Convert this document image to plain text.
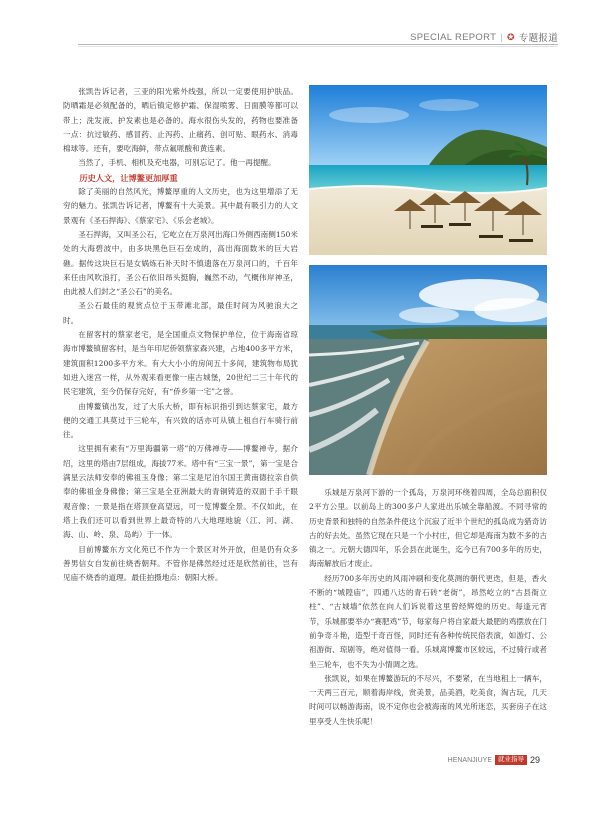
SPECIAL REPORT | ✪ 专题报道

张凯告诉记者，三亚的阳光紫外线强，所以一定要使用护肤品。防晒霜是必须配备的，晒后镇定修护霜、保湿喷雾、日面膜等都可以带上；洗发液、护发素也是必备的。海水很伤头发的，药物也要准备一点：抗过敏药、感冒药、止泻药、止痛药、创可贴、眼药水、消毒棉球等。还有，要吃海鲜，带点氟哌酸和黄连素。

当然了，手机、相机及充电器，可别忘记了。他一再提醒。

历史人文，让博鳌更加厚重

除了美丽的自然风光，博鳌厚重的人文历史，也为这里增添了无穷的魅力。张凯告诉记者，博鳌有十大美景。其中最有吸引力的人文景观有《圣石捍海》、《蔡家宅》、《乐会老城》。

圣石捍海，又叫圣公石，它屹立在万泉河出海口外侧西南侧150米处的大海碧波中，由多块黑色巨石垒成的，高出海面数米的巨大岩礁。据传这块巨石是女娲炼石补天时不慎遗落在万泉河口的，千百年来任由风吹浪打，圣公石依旧昂头挺胸，巍然不动，气概伟岸神圣，由此被人们封之“圣公石”的美名。

圣公石最佳的观赏点位于玉带滩北部，最佳时间为风驰浪大之时。

在留客村的蔡家老宅，是全国重点文物保护单位，位于海南省琼海市博鳌镇留客村，是当年印尼侨领蔡家森兴建，占地400多平方米，建筑面积1200多平方米。有大大小小的房间五十多间，建筑物布局犹如进入迷宫一样，从外观来看更像一座古城堡，20世纪二三十年代的民宅建筑，至今仍保存完好，有“侨乡第一宅”之誉。

由博鳌镇出发，过了大乐大桥，即有标识指引到达蔡家宅，最方便的交通工具莫过于三轮车，有兴致的话亦可从镇上租自行车骑行前往。

这里拥有素有“万里海疆第一塔”的万佛禅寺——博鳌禅寺，据介绍，这里的塔由7层组成，海拔77米。塔中有“三宝一景”，第一宝是合满星云法师安奉的佛祖玉身像；第二宝是尼泊尔国王黄南德拉亲自供奉的佛祖金身佛像；第三宝是全亚洲最大的青铜铸造的双面千手千眼观音像；一景是指在塔顶登高望远，可一览博鳌全景。不仅如此，在塔上我们还可以看到世界上最奇特的八大地理地貌（江、河、湖、海、山、岭、泉、岛屿）于一体。

目前博鳌东方文化苑已不作为一个景区对外开放，但是仍有众多善男信女自发前往烧香朝拜。不管你是佛然经过还是欣然前往，岂有见庙不烧香的道理。最佳拍摄地点：朝阳大桥。

乐城是万泉河下游的一个孤岛，万泉河环绕着四周，全岛总面积仅2平方公里。以前岛上的300多户人家进出乐城全靠船渡。不同寻常的历史背景和独特的自然条件使这个沉寂了近半个世纪的孤岛成为猎奇访古的好去处。虽然它现在只是一个小村庄，但它却是海南为数不多的古镇之一。元朝大德四年，乐会县在此诞生，迄今已有700多年的历史，海南解放后才废止。

经历700多年历史的风雨冲刷和变化莫测的朝代更迭，但是，香火不断的“城隍庙”，四通八达的青石砖“老街”，昂然屹立的“古县衙立柱”、“古城墙”依然在向人们诉说着这里曾经辉煌的历史。每逢元宵节，乐城都要举办“赛肥鸡”节，每家每户将自家最大最肥的鸡摆放在门前争奇斗艳，造型千奇百怪，同时还有各种传统民俗表演，如游灯、公祖游街、琼剧等，绝对值得一看。乐城离博鳌市区较远，不过骑行或者坐三轮车，也不失为小情调之选。

张凯说，如果在博鳌游玩的不尽兴，不要紧，在当地租上一辆车，一天两三百元，顺着海岸线，赏美景，品美酒，吃美食，淘古玩，几天时间可以畅游海南，说不定你也会被海南的风光所迷恋，买套房子在这里享受人生快乐呢！

HENANJIUYE 就业指导 29
